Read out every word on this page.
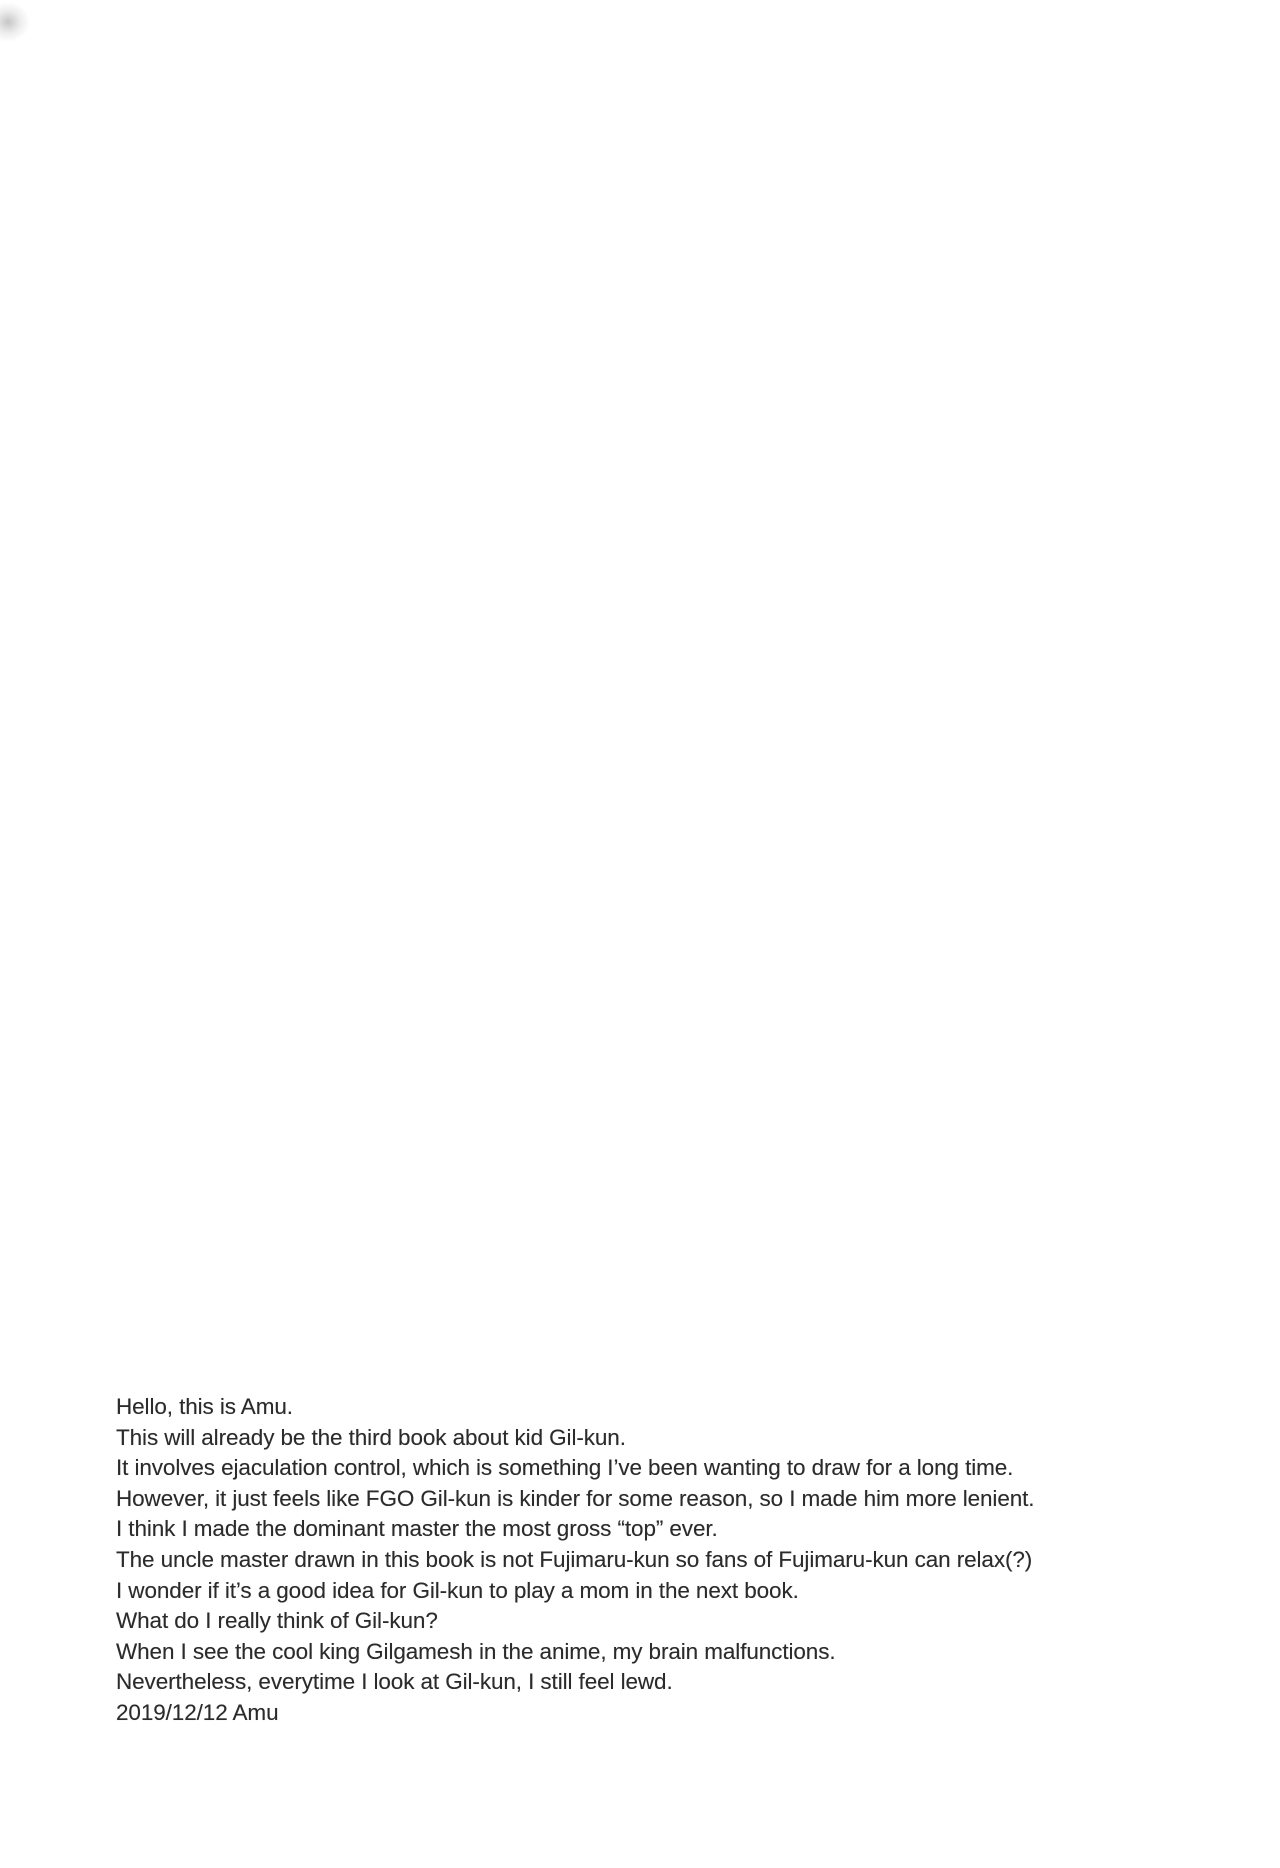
Hello, this is Amu.

This will already be the third book about kid Gil-kun.

It involves ejaculation control, which is something I’ve been wanting to draw for a long time.

However, it just feels like FGO Gil-kun is kinder for some reason, so I made him more lenient.

I think I made the dominant master the most gross “top” ever.

The uncle master drawn in this book is not Fujimaru-kun so fans of Fujimaru-kun can relax(?)

I wonder if it’s a good idea for Gil-kun to play a mom in the next book.

What do I really think of Gil-kun?

When I see the cool king Gilgamesh in the anime, my brain malfunctions.

Nevertheless, everytime I look at Gil-kun, I still feel lewd.

2019/12/12 Amu
